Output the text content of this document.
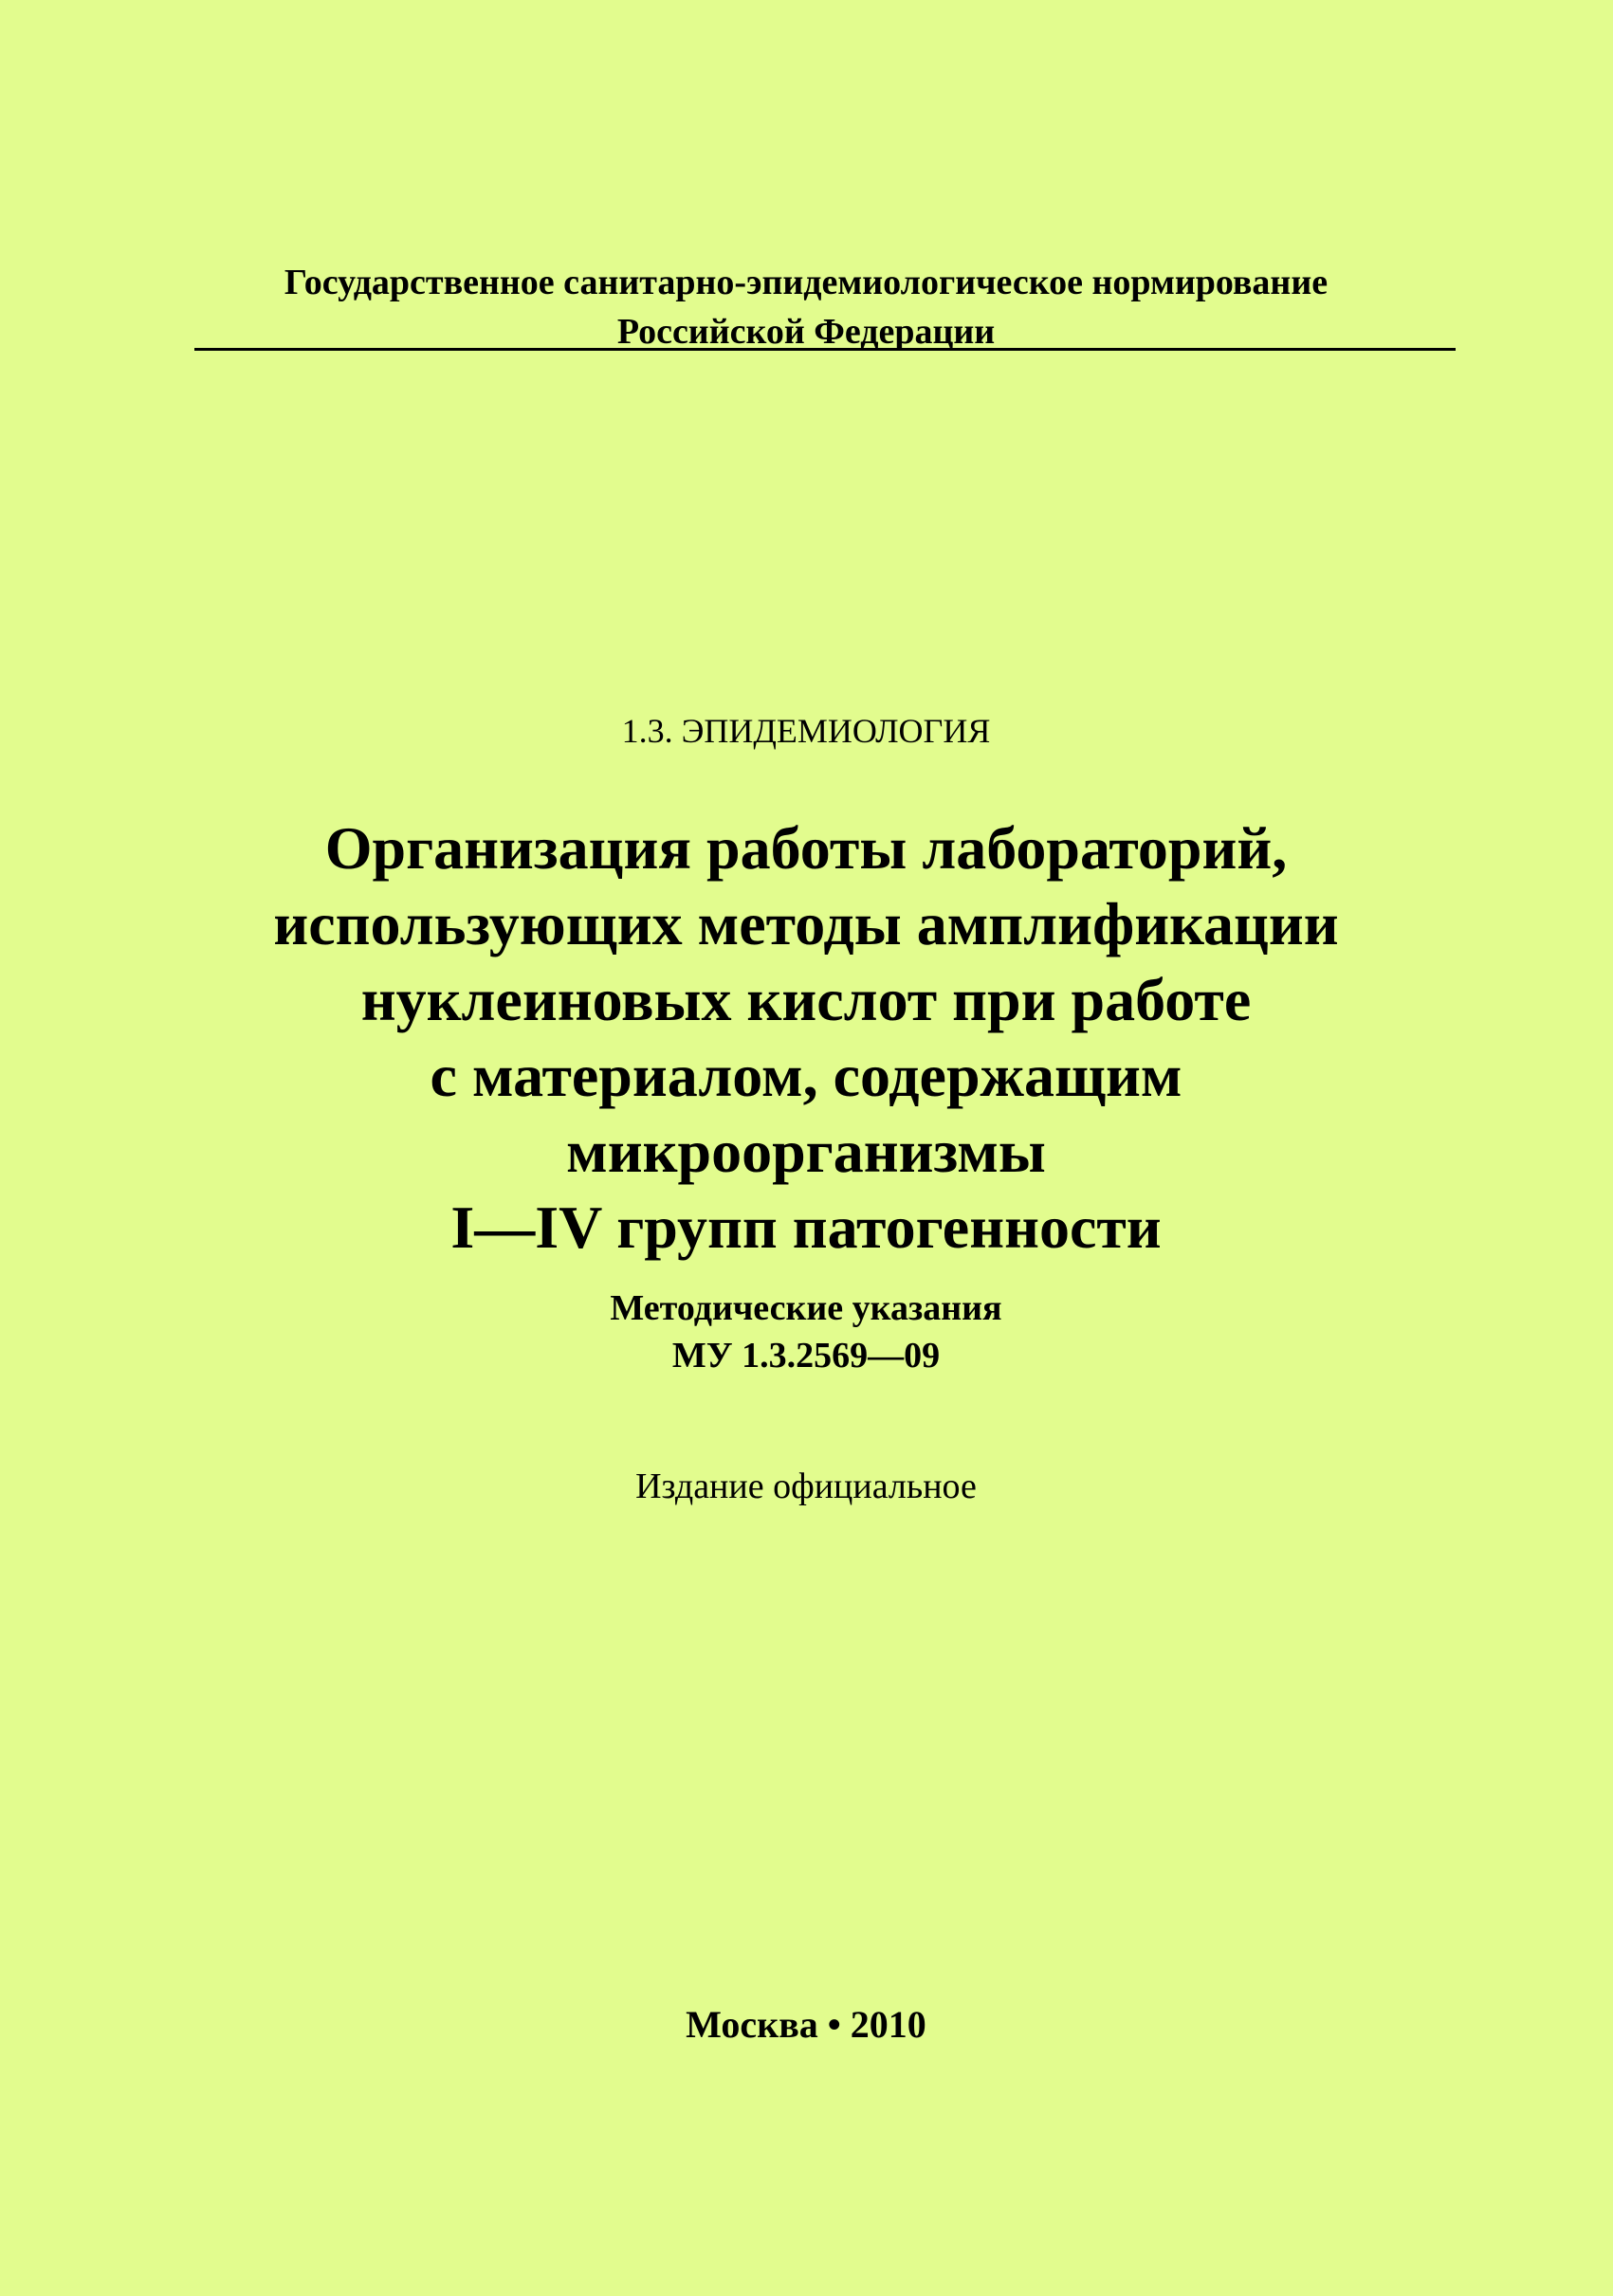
Государственное санитарно-эпидемиологическое нормирование
Российской Федерации
1.3. ЭПИДЕМИОЛОГИЯ
Организация работы лабораторий,
использующих методы амплификации
нуклеиновых кислот при работе
с материалом, содержащим
микроорганизмы
I—IV групп патогенности
Методические указания
МУ 1.3.2569—09
Издание официальное
Москва • 2010
